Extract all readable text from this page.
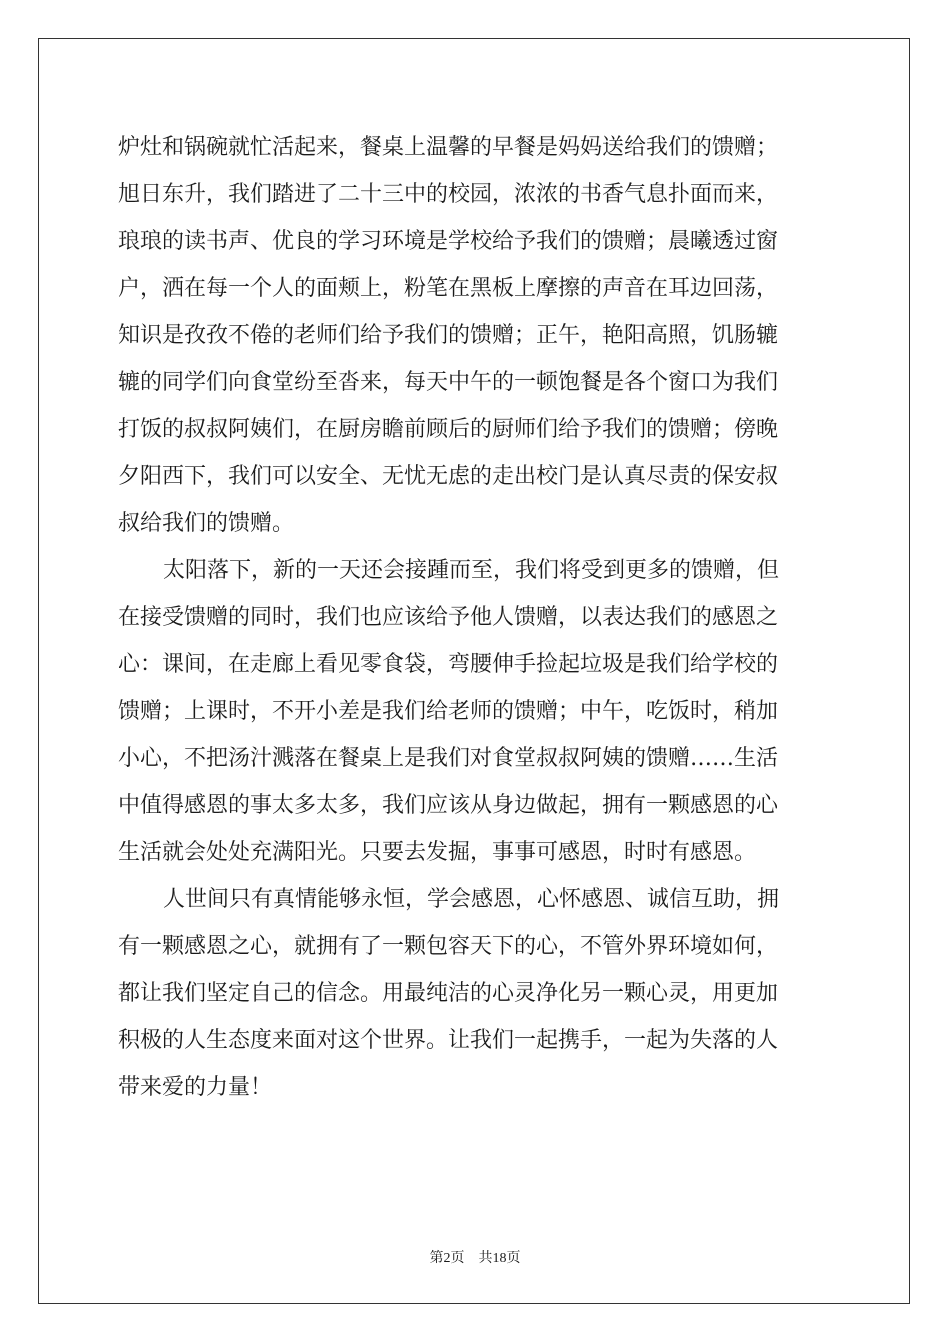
炉灶和锅碗就忙活起来，餐桌上温馨的早餐是妈妈送给我们的馈赠；
旭日东升，我们踏进了二十三中的校园，浓浓的书香气息扑面而来，
琅琅的读书声、优良的学习环境是学校给予我们的馈赠；晨曦透过窗
户，洒在每一个人的面颊上，粉笔在黑板上摩擦的声音在耳边回荡，
知识是孜孜不倦的老师们给予我们的馈赠；正午，艳阳高照，饥肠辘
辘的同学们向食堂纷至沓来，每天中午的一顿饱餐是各个窗口为我们
打饭的叔叔阿姨们，在厨房瞻前顾后的厨师们给予我们的馈赠；傍晚
夕阳西下，我们可以安全、无忧无虑的走出校门是认真尽责的保安叔
叔给我们的馈赠。
太阳落下，新的一天还会接踵而至，我们将受到更多的馈赠，但
在接受馈赠的同时，我们也应该给予他人馈赠，以表达我们的感恩之
心：课间，在走廊上看见零食袋，弯腰伸手捡起垃圾是我们给学校的
馈赠；上课时，不开小差是我们给老师的馈赠；中午，吃饭时，稍加
小心，不把汤汁溅落在餐桌上是我们对食堂叔叔阿姨的馈赠……生活
中值得感恩的事太多太多，我们应该从身边做起，拥有一颗感恩的心
生活就会处处充满阳光。只要去发掘，事事可感恩，时时有感恩。
人世间只有真情能够永恒，学会感恩，心怀感恩、诚信互助，拥
有一颗感恩之心，就拥有了一颗包容天下的心，不管外界环境如何，
都让我们坚定自己的信念。用最纯洁的心灵净化另一颗心灵，用更加
积极的人生态度来面对这个世界。让我们一起携手，一起为失落的人
带来爱的力量！
第2页 共18页
